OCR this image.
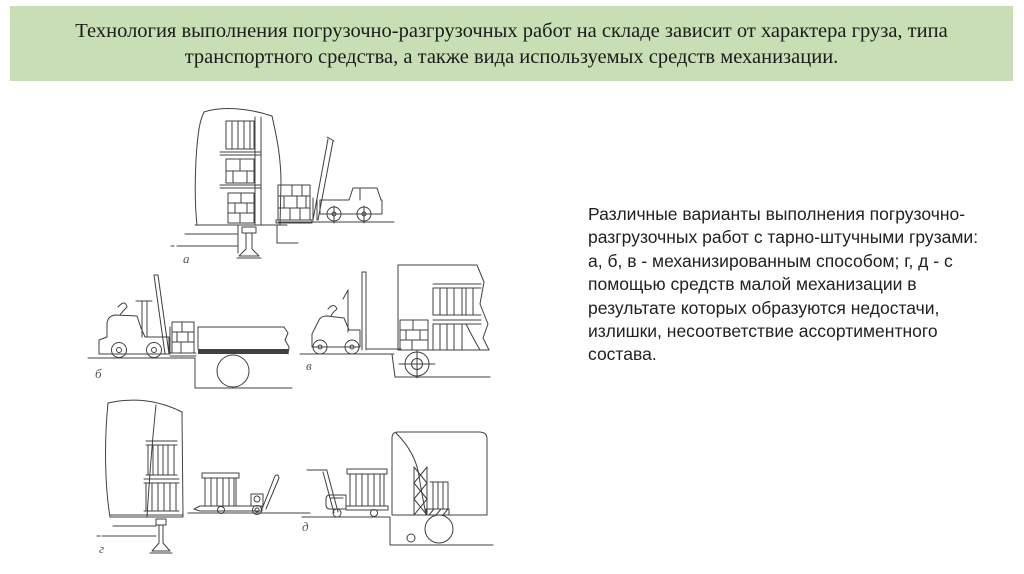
Технология выполнения погрузочно-разгрузочных работ на складе зависит от характера груза, типа
транспортного средства, а также вида используемых средств механизации.
а
б
в
г
д
Различные варианты выполнения погрузочно-
разгрузочных работ с тарно-штучными грузами:
а, б, в - механизированным способом; г, д - с
помощью средств малой механизации в
результате которых образуются недостачи,
излишки, несоответствие ассортиментного
состава.
